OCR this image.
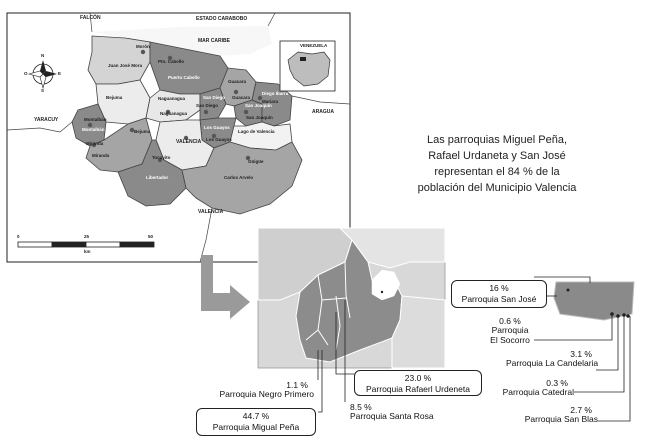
FALCÓN	ESTADO CARABOBO
MAR CARIBE
YARACUY
ARAGUA
VALENCIA
Juan José Mora
Puerto Cabello
Bejuma
Montalbán
Miranda
Naguanagua	San Diego
Guacara
San Joaquín
Diego Ibarra
VALENCIA
Libertador	Carlos Arvelo
Los Guayos
Lago de Valencia
Morón
Pto. Cabello
Montalbán
Bejuma
Miranda
Naguanagua
San Diego
Guacara
San Joaquín
Mariara
Tocuyito
Los Guayos
Güigüe
VENEZUELA
N
S
O	E
0	25	50
km
Las parroquias Miguel Peña,
Rafael Urdaneta y San José
representan el 84 % de la
población del Municipio Valencia
16 %
Parroquia San José
0.6 %
Parroquia
El Socorro
3.1 %
Parroquia La Candelaria
0.3 %
Parroquia Catedral
2.7 %
Parroquia San Blas
1.1 %
Parroquia Negro Primero
23.0 %
Parroquia Rafaerl Urdeneta
8.5 %
Parroquia Santa Rosa
44.7 %
Parroquia Migual Peña
